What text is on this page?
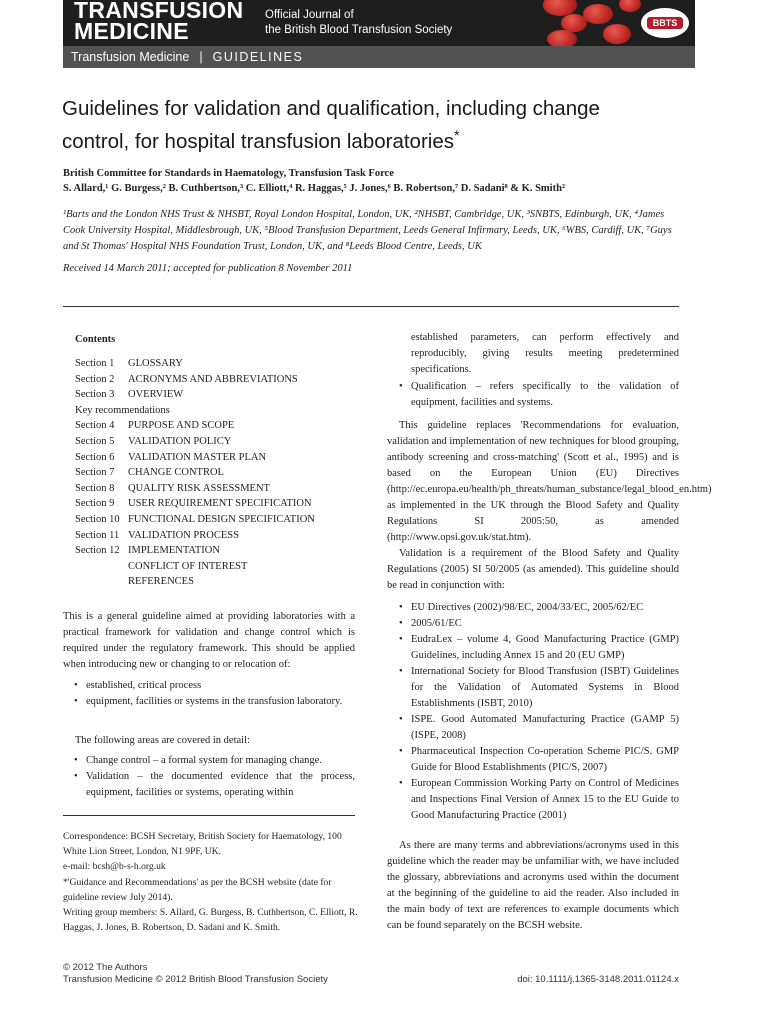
TRANSFUSION
MEDICINE
Official Journal of
the British Blood Transfusion Society
BBTS
Transfusion Medicine | GUIDELINES
Guidelines for validation and qualification, including change
control, for hospital transfusion laboratories*
British Committee for Standards in Haematology, Transfusion Task Force
S. Allard,¹ G. Burgess,² B. Cuthbertson,³ C. Elliott,⁴ R. Haggas,⁵ J. Jones,⁶ B. Robertson,⁷ D. Sadani⁸ & K. Smith²
¹Barts and the London NHS Trust & NHSBT, Royal London Hospital, London, UK, ²NHSBT, Cambridge, UK, ³SNBTS, Edinburgh, UK, ⁴James Cook University Hospital, Middlesbrough, UK, ⁵Blood Transfusion Department, Leeds General Infirmary, Leeds, UK, ⁶WBS, Cardiff, UK, ⁷Guys and St Thomas' Hospital NHS Foundation Trust, London, UK, and ⁸Leeds Blood Centre, Leeds, UK
Received 14 March 2011; accepted for publication 8 November 2011
Contents
Section 1 GLOSSARY
Section 2 ACRONYMS AND ABBREVIATIONS
Section 3 OVERVIEW
Key recommendations
Section 4 PURPOSE AND SCOPE
Section 5 VALIDATION POLICY
Section 6 VALIDATION MASTER PLAN
Section 7 CHANGE CONTROL
Section 8 QUALITY RISK ASSESSMENT
Section 9 USER REQUIREMENT SPECIFICATION
Section 10 FUNCTIONAL DESIGN SPECIFICATION
Section 11 VALIDATION PROCESS
Section 12 IMPLEMENTATION
CONFLICT OF INTEREST
REFERENCES
This is a general guideline aimed at providing laboratories with a practical framework for validation and change control which is required under the regulatory framework. This should be applied when introducing new or changing to or relocation of:
• established, critical process
• equipment, facilities or systems in the transfusion laboratory.
The following areas are covered in detail:
• Change control – a formal system for managing change.
• Validation – the documented evidence that the process, equipment, facilities or systems, operating within
Correspondence: BCSH Secretary, British Society for Haematology, 100 White Lion Street, London, N1 9PF, UK.
e-mail: bcsh@b-s-h.org.uk
*'Guidance and Recommendations' as per the BCSH website (date for guideline review July 2014).
Writing group members: S. Allard, G. Burgess, B. Cuthbertson, C. Elliott, R. Haggas, J. Jones, B. Robertson, D. Sadani and K. Smith.
established parameters, can perform effectively and reproducibly, giving results meeting predetermined specifications.
• Qualification – refers specifically to the validation of equipment, facilities and systems.
This guideline replaces 'Recommendations for evaluation, validation and implementation of new techniques for blood grouping, antibody screening and cross-matching' (Scott et al., 1995) and is based on the European Union (EU) Directives (http://ec.europa.eu/health/ph_threats/human_substance/legal_blood_en.htm) as implemented in the UK through the Blood Safety and Quality Regulations SI 2005:50, as amended (http://www.opsi.gov.uk/stat.htm).
Validation is a requirement of the Blood Safety and Quality Regulations (2005) SI 50/2005 (as amended). This guideline should be read in conjunction with:
• EU Directives (2002)/98/EC, 2004/33/EC, 2005/62/EC
• 2005/61/EC
• EudraLex – volume 4, Good Manufacturing Practice (GMP) Guidelines, including Annex 15 and 20 (EU GMP)
• International Society for Blood Transfusion (ISBT) Guidelines for the Validation of Automated Systems in Blood Establishments (ISBT, 2010)
• ISPE. Good Automated Manufacturing Practice (GAMP 5) (ISPE, 2008)
• Pharmaceutical Inspection Co-operation Scheme PIC/S. GMP Guide for Blood Establishments (PIC/S, 2007)
• European Commission Working Party on Control of Medicines and Inspections Final Version of Annex 15 to the EU Guide to Good Manufacturing Practice (2001)
As there are many terms and abbreviations/acronyms used in this guideline which the reader may be unfamiliar with, we have included the glossary, abbreviations and acronyms used within the document at the beginning of the guideline to aid the reader. Also included in the main body of text are references to example documents which can be found separately on the BCSH website.
© 2012 The Authors
Transfusion Medicine © 2012 British Blood Transfusion Society	doi: 10.1111/j.1365-3148.2011.01124.x
